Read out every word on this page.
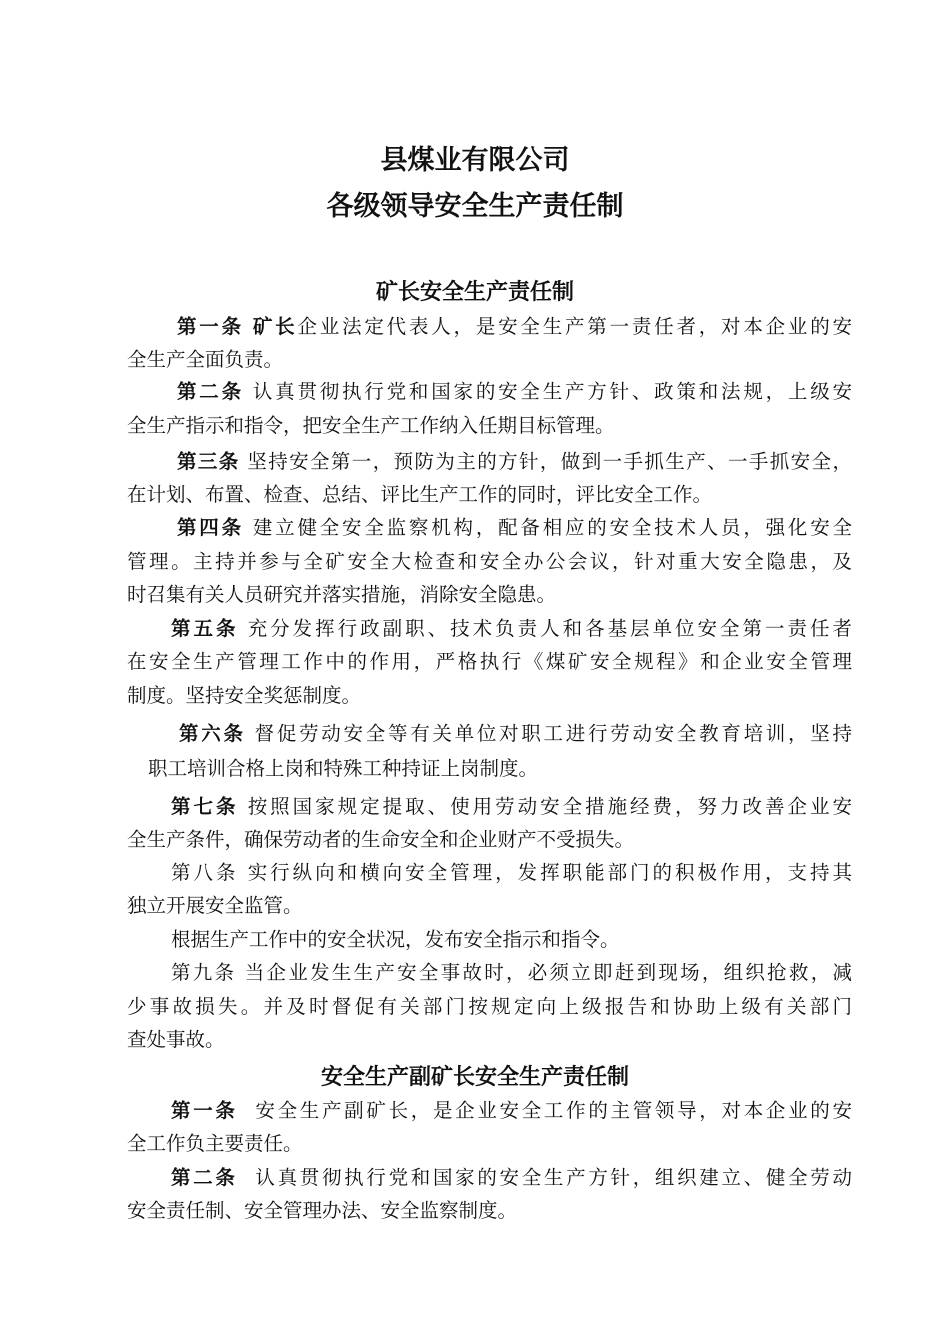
县煤业有限公司
各级领导安全生产责任制
矿长安全生产责任制
第一条 矿长企业法定代表人，是安全生产第一责任者，对本企业的安
全生产全面负责。
第二条 认真贯彻执行党和国家的安全生产方针、政策和法规，上级安
全生产指示和指令，把安全生产工作纳入任期目标管理。
第三条 坚持安全第一，预防为主的方针，做到一手抓生产、一手抓安全，
在计划、布置、检查、总结、评比生产工作的同时，评比安全工作。
第四条 建立健全安全监察机构，配备相应的安全技术人员，强化安全
管理。主持并参与全矿安全大检查和安全办公会议，针对重大安全隐患，及
时召集有关人员研究并落实措施，消除安全隐患。
第五条 充分发挥行政副职、技术负责人和各基层单位安全第一责任者
在安全生产管理工作中的作用，严格执行《煤矿安全规程》和企业安全管理
制度。坚持安全奖惩制度。
第六条 督促劳动安全等有关单位对职工进行劳动安全教育培训，坚持
职工培训合格上岗和特殊工种持证上岗制度。
第七条 按照国家规定提取、使用劳动安全措施经费，努力改善企业安
全生产条件，确保劳动者的生命安全和企业财产不受损失。
第八条 实行纵向和横向安全管理，发挥职能部门的积极作用，支持其
独立开展安全监管。
根据生产工作中的安全状况，发布安全指示和指令。
第九条 当企业发生生产安全事故时，必须立即赶到现场，组织抢救，减
少事故损失。并及时督促有关部门按规定向上级报告和协助上级有关部门
查处事故。
安全生产副矿长安全生产责任制
第一条 安全生产副矿长，是企业安全工作的主管领导，对本企业的安
全工作负主要责任。
第二条 认真贯彻执行党和国家的安全生产方针，组织建立、健全劳动
安全责任制、安全管理办法、安全监察制度。
